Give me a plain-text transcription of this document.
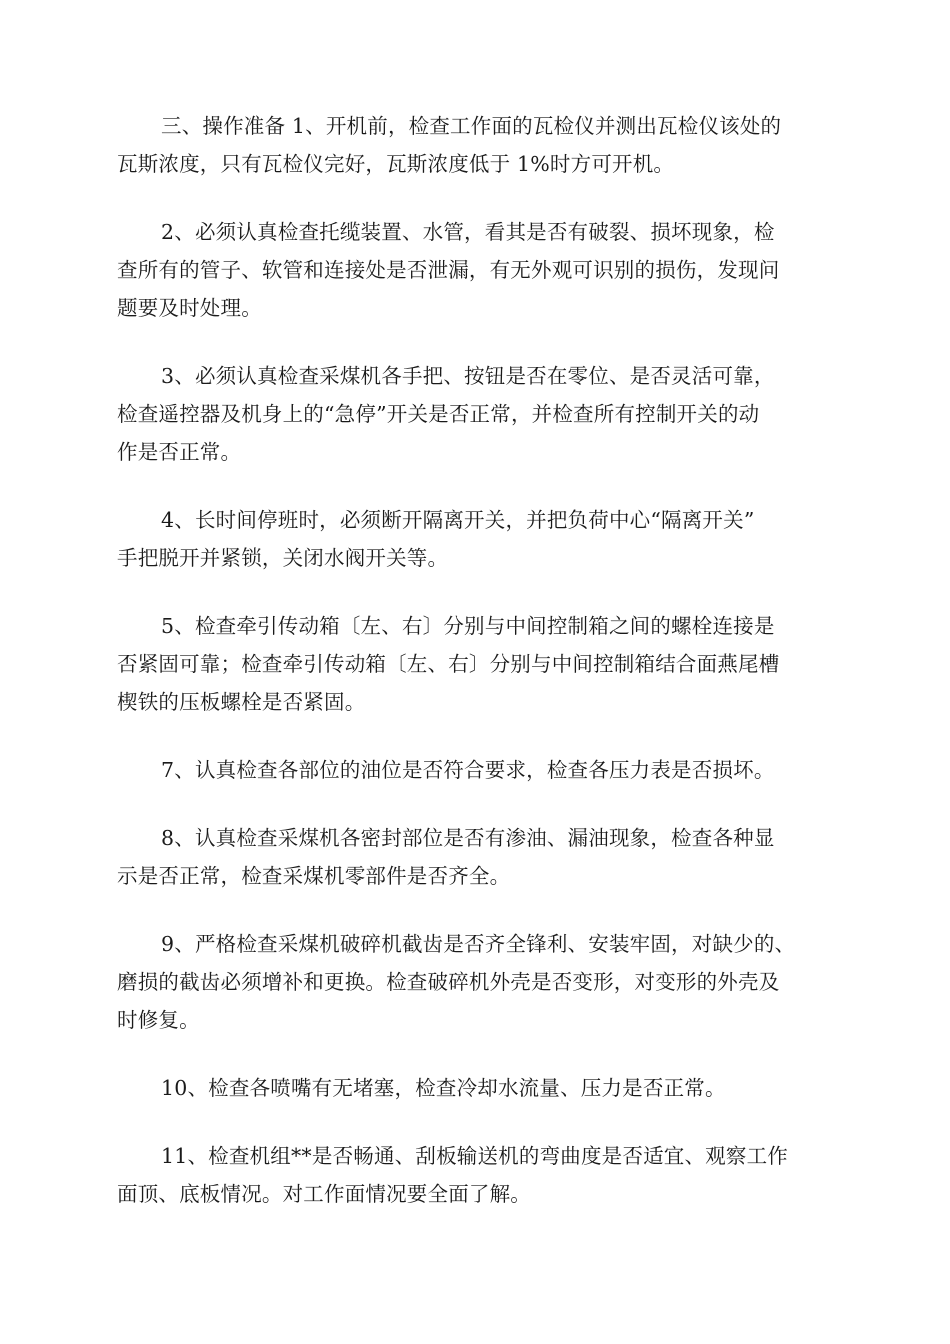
三、操作准备 1、开机前，检查工作面的瓦检仪并测出瓦检仪该处的
瓦斯浓度，只有瓦检仪完好，瓦斯浓度低于 1%时方可开机。

2、必须认真检查托缆装置、水管，看其是否有破裂、损坏现象，检
查所有的管子、软管和连接处是否泄漏，有无外观可识别的损伤，发现问
题要及时处理。

3、必须认真检查采煤机各手把、按钮是否在零位、是否灵活可靠，
检查遥控器及机身上的“急停”开关是否正常，并检查所有控制开关的动
作是否正常。

4、长时间停班时，必须断开隔离开关，并把负荷中心“隔离开关”
手把脱开并紧锁，关闭水阀开关等。

5、检查牵引传动箱〔左、右〕分别与中间控制箱之间的螺栓连接是
否紧固可靠；检查牵引传动箱〔左、右〕分别与中间控制箱结合面燕尾槽
楔铁的压板螺栓是否紧固。

7、认真检查各部位的油位是否符合要求，检查各压力表是否损坏。

8、认真检查采煤机各密封部位是否有渗油、漏油现象，检查各种显
示是否正常，检查采煤机零部件是否齐全。

9、严格检查采煤机破碎机截齿是否齐全锋利、安装牢固，对缺少的、
磨损的截齿必须增补和更换。检查破碎机外壳是否变形，对变形的外壳及
时修复。

10、检查各喷嘴有无堵塞，检查冷却水流量、压力是否正常。

11、检查机组**是否畅通、刮板输送机的弯曲度是否适宜、观察工作
面顶、底板情况。对工作面情况要全面了解。
